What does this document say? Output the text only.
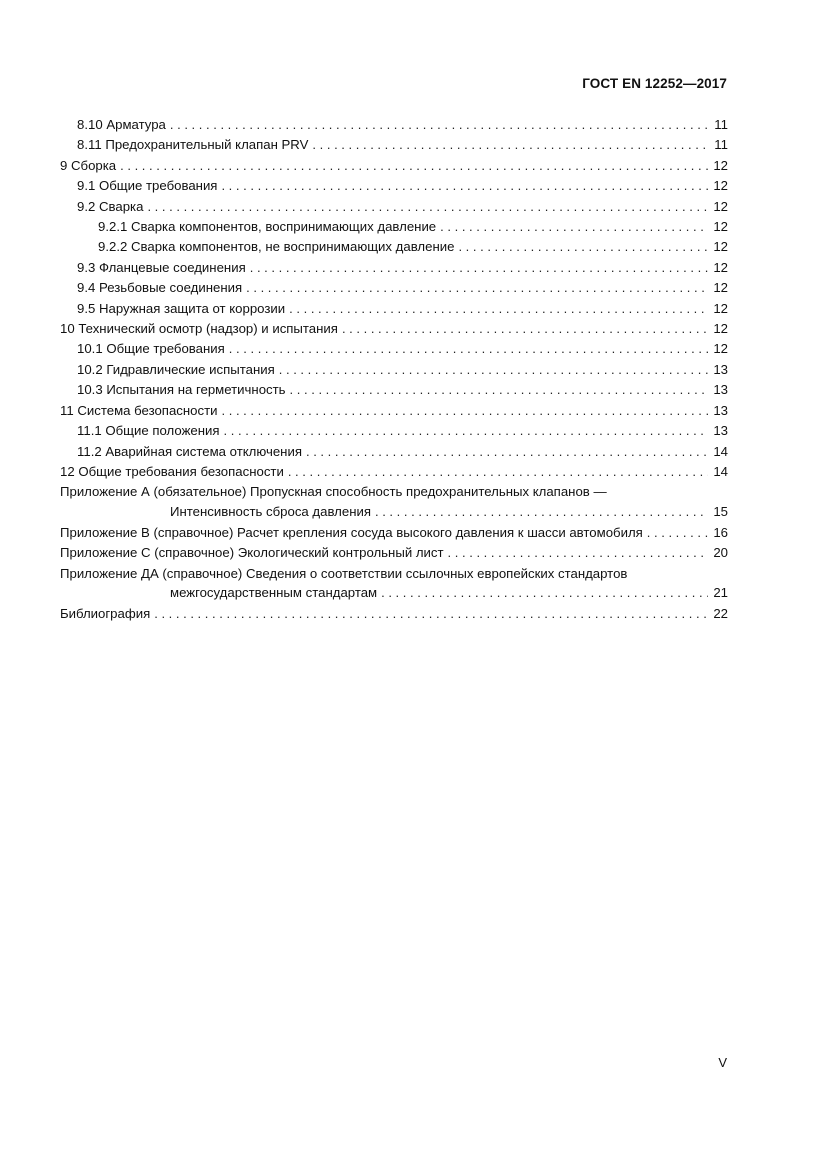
ГОСТ EN 12252—2017
8.10 Арматура . . .	11
8.11 Предохранительный клапан PRV . . .	11
9 Сборка . . .	12
9.1 Общие требования . . .	12
9.2 Сварка . . .	12
9.2.1 Сварка компонентов, воспринимающих давление . . .	12
9.2.2 Сварка компонентов, не воспринимающих давление . . .	12
9.3 Фланцевые соединения . . .	12
9.4 Резьбовые соединения . . .	12
9.5 Наружная защита от коррозии . . .	12
10 Технический осмотр (надзор) и испытания . . .	12
10.1 Общие требования . . .	12
10.2 Гидравлические испытания . . .	13
10.3 Испытания на герметичность . . .	13
11 Система безопасности . . .	13
11.1 Общие положения . . .	13
11.2 Аварийная система отключения . . .	14
12 Общие требования безопасности . . .	14
Приложение А (обязательное) Пропускная способность предохранительных клапанов —
Интенсивность сброса давления . . .	15
Приложение В (справочное) Расчет крепления сосуда высокого давления к шасси автомобиля . . .	16
Приложение С (справочное) Экологический контрольный лист . . .	20
Приложение ДА (справочное) Сведения о соответствии ссылочных европейских стандартов
межгосударственным стандартам . . .	21
Библиография . . .	22
V
